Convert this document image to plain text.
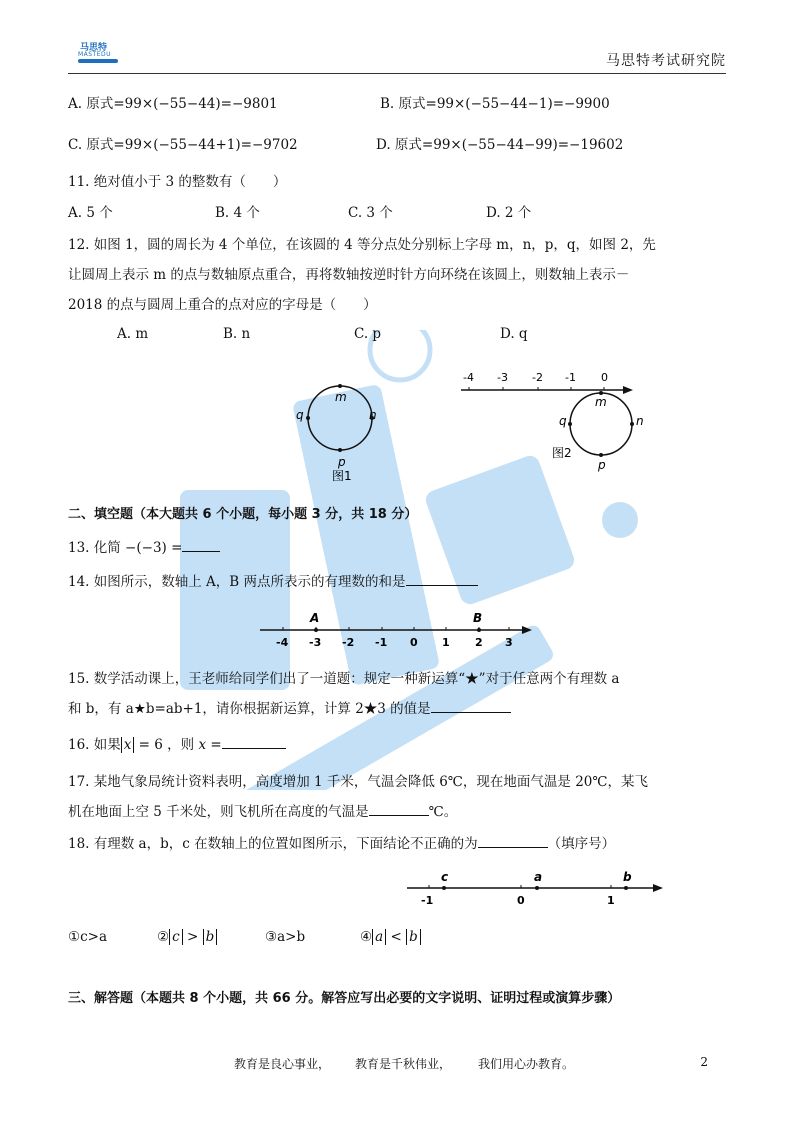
马思特
MASTEDU	马思特考试研究院
A. 原式=99×(−55−44)=−9801	B. 原式=99×(−55−44−1)=−9900
C. 原式=99×(−55−44+1)=−9702	D. 原式=99×(−55−44−99)=−19602
11. 绝对值小于 3 的整数有（　　）
A. 5 个	B. 4 个	C. 3 个	D. 2 个
12. 如图 1，圆的周长为 4 个单位，在该圆的 4 等分点处分别标上字母 m，n，p，q，如图 2，先
让圆周上表示 m 的点与数轴原点重合，再将数轴按逆时针方向环绕在该圆上，则数轴上表示－
2018 的点与圆周上重合的点对应的字母是（　　）
A. m	B. n	C. p	D. q
m
n
p
q
图1
-4 -3 -2 -1 0
m
n
p
q
图2
二、填空题（本大题共 6 个小题，每小题 3 分，共 18 分）
13. 化简 −(−3) =
14. 如图所示，数轴上 A，B 两点所表示的有理数的和是
A	B
-4 -3 -2 -1 0 1 2 3
15. 数学活动课上，王老师给同学们出了一道题：规定一种新运算“★”对于任意两个有理数 a
和 b，有 a★b=ab+1，请你根据新运算，计算 2★3 的值是
16. 如果 x = 6 ，则 x =
17. 某地气象局统计资料表明，高度增加 1 千米，气温会降低 6℃，现在地面气温是 20℃，某飞
机在地面上空 5 千米处，则飞机所在高度的气温是	℃。
18. 有理数 a，b，c 在数轴上的位置如图所示，下面结论不正确的为	（填序号）
c	a	b
-1	0	1
①c>a	② c > b	③a>b	④ a < b
三、解答题（本题共 8 个小题，共 66 分。解答应写出必要的文字说明、证明过程或演算步骤）
教育是良心事业， 教育是千秋伟业， 我们用心办教育。	2
